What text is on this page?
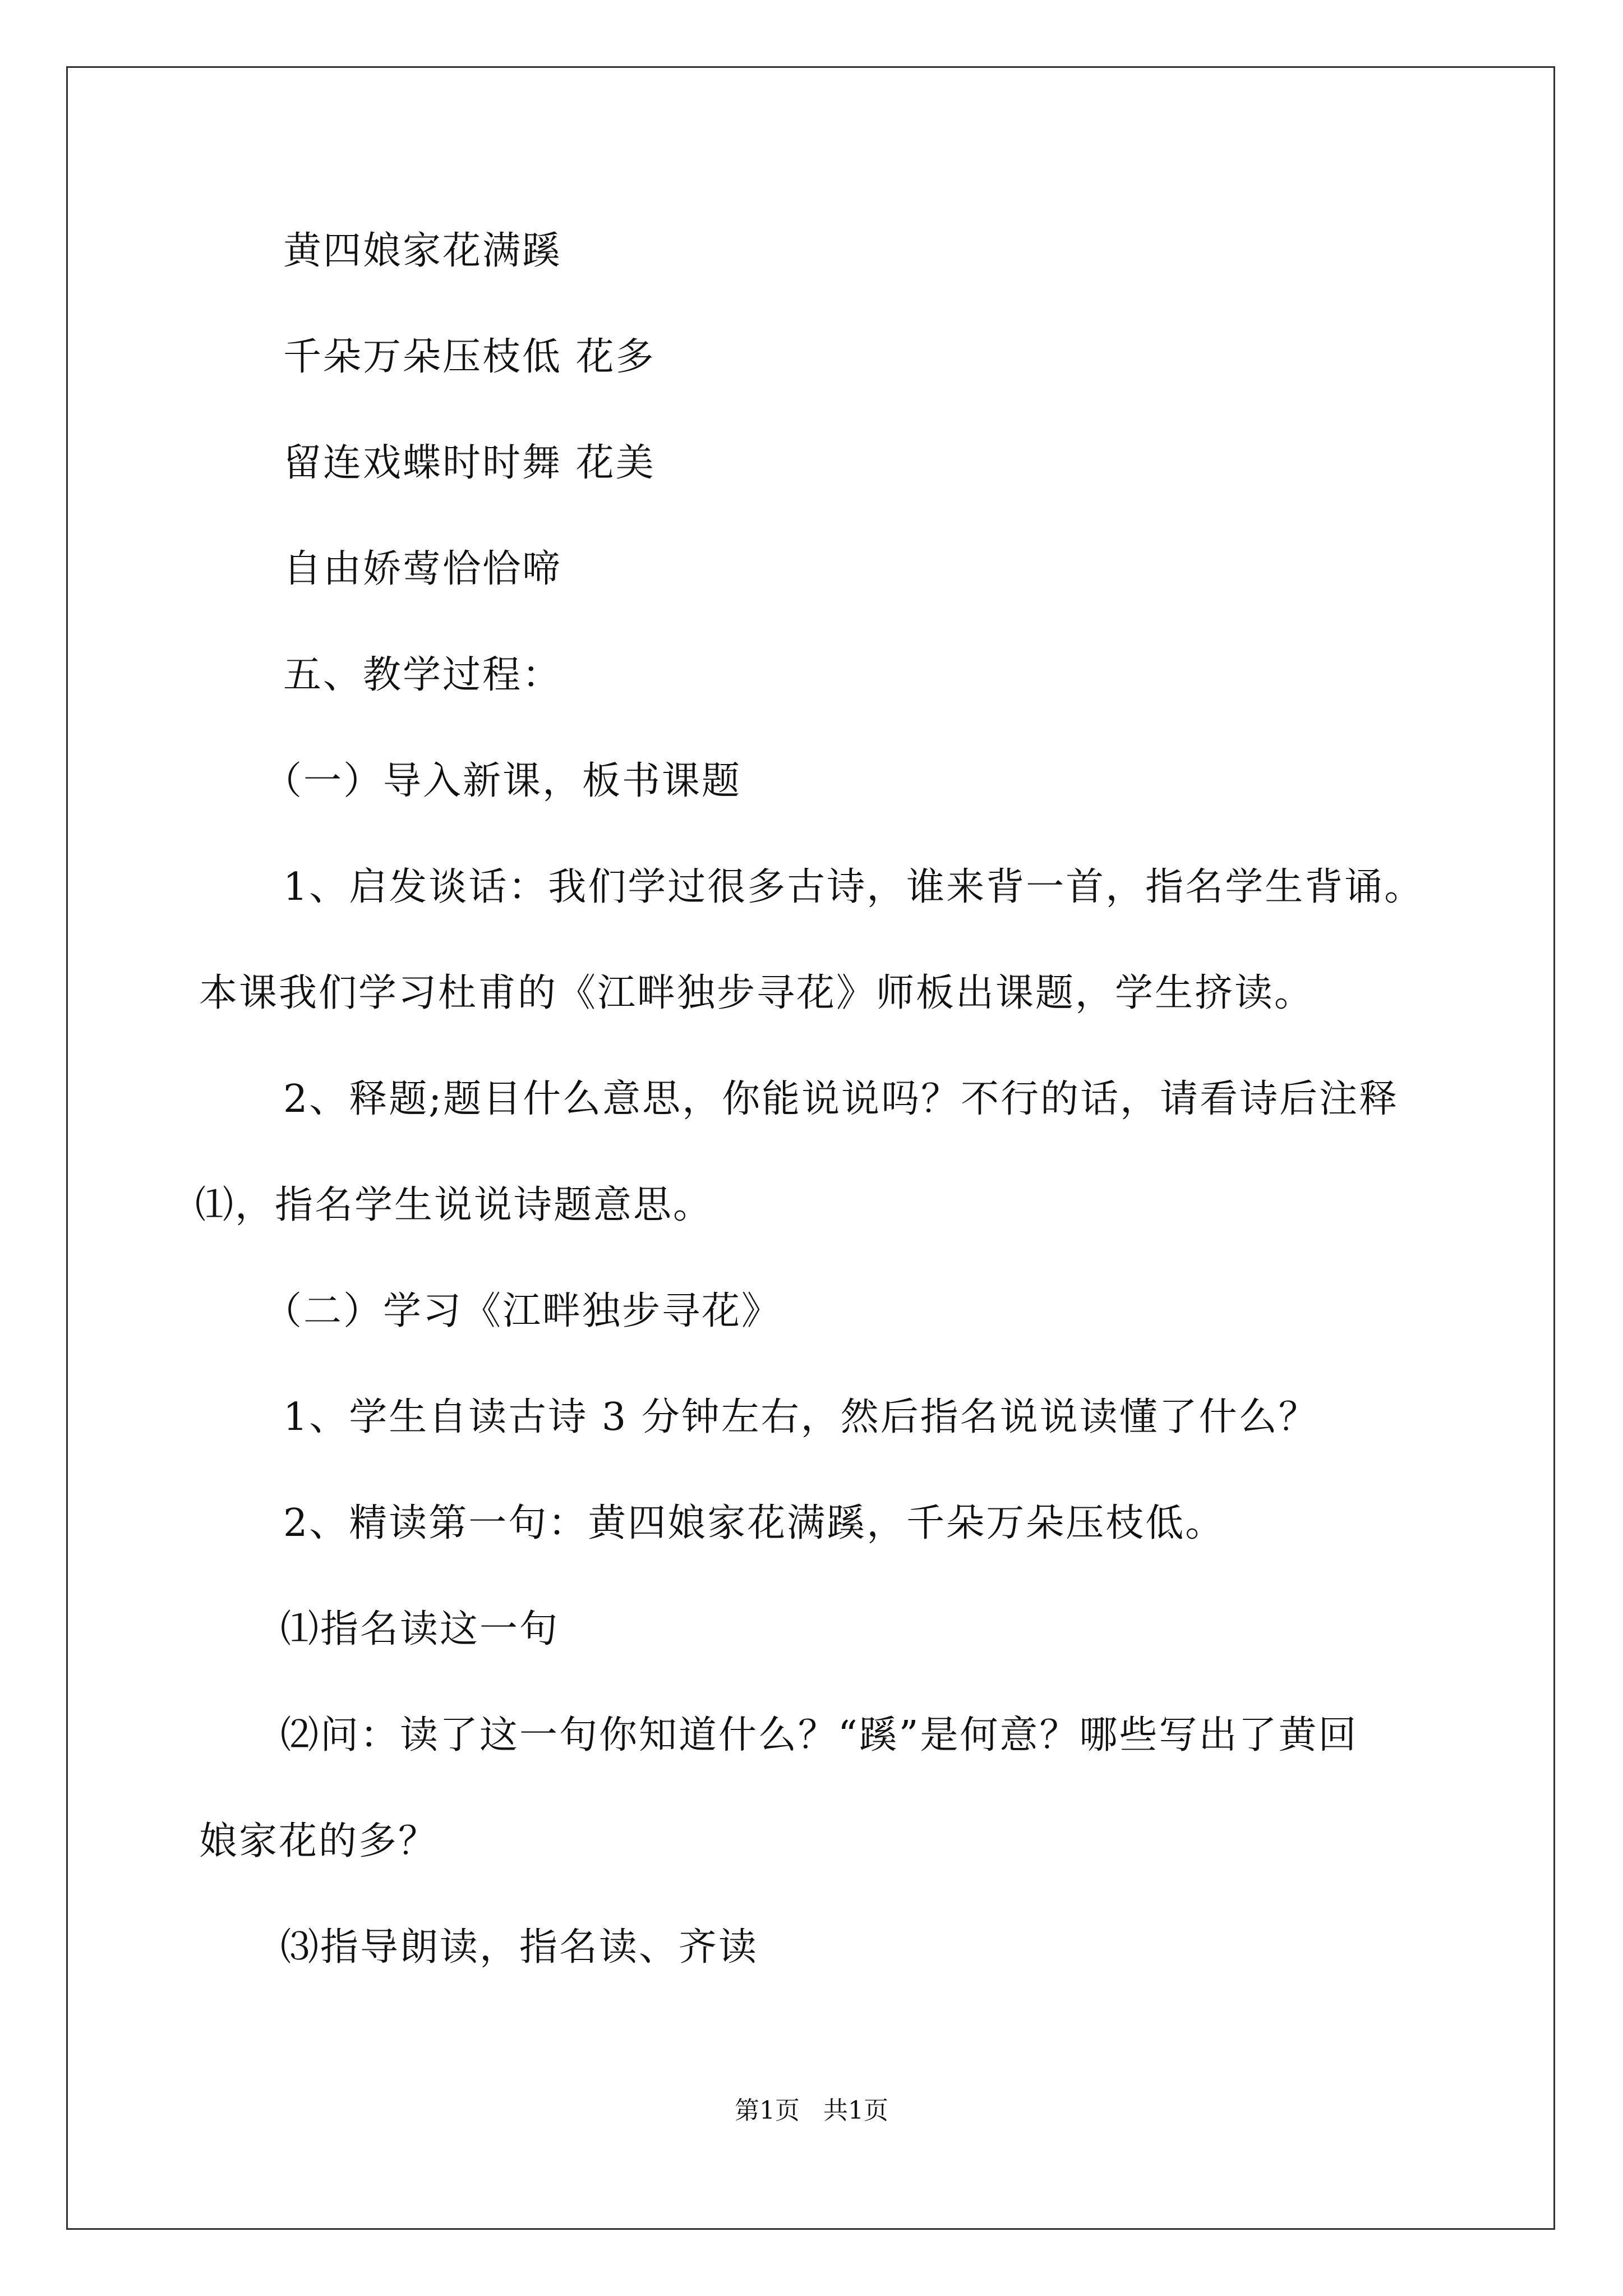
黄四娘家花满蹊
千朵万朵压枝低 花多
留连戏蝶时时舞 花美
自由娇莺恰恰啼
五、教学过程：
（一）导入新课，板书课题
1、启发谈话：我们学过很多古诗，谁来背一首，指名学生背诵。
本课我们学习杜甫的《江畔独步寻花》师板出课题，学生挤读。
2、释题;题目什么意思，你能说说吗？不行的话，请看诗后注释
⑴，指名学生说说诗题意思。
（二）学习《江畔独步寻花》
1、学生自读古诗 3 分钟左右，然后指名说说读懂了什么？
2、精读第一句：黄四娘家花满蹊，千朵万朵压枝低。
⑴指名读这一句
⑵问：读了这一句你知道什么？“蹊”是何意？哪些写出了黄回
娘家花的多？
⑶指导朗读，指名读、齐读
第1页   共1页
